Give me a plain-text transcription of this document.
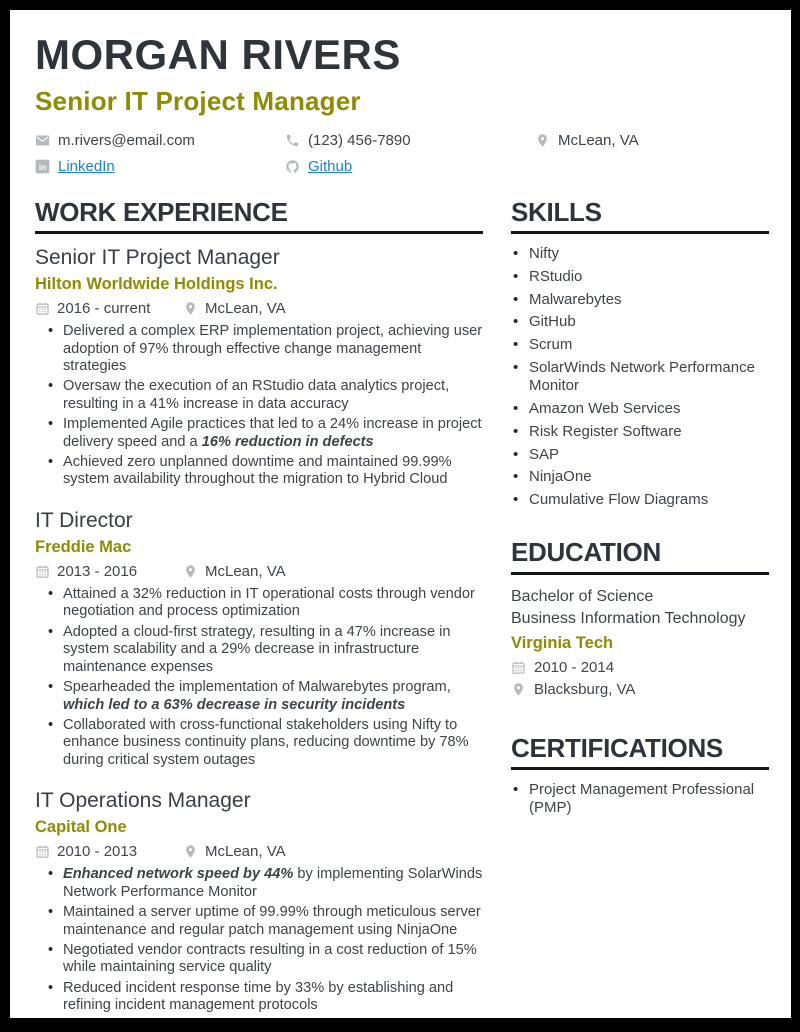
MORGAN RIVERS
Senior IT Project Manager
m.rivers@email.com	(123) 456-7890	McLean, VA
in LinkedIn	Github
WORK EXPERIENCE
Senior IT Project Manager
Hilton Worldwide Holdings Inc.
2016 - current	McLean, VA
• Delivered a complex ERP implementation project, achieving user adoption of 97% through effective change management strategies
• Oversaw the execution of an RStudio data analytics project, resulting in a 41% increase in data accuracy
• Implemented Agile practices that led to a 24% increase in project delivery speed and a 16% reduction in defects
• Achieved zero unplanned downtime and maintained 99.99% system availability throughout the migration to Hybrid Cloud
IT Director
Freddie Mac
2013 - 2016	McLean, VA
• Attained a 32% reduction in IT operational costs through vendor negotiation and process optimization
• Adopted a cloud-first strategy, resulting in a 47% increase in system scalability and a 29% decrease in infrastructure maintenance expenses
• Spearheaded the implementation of Malwarebytes program, which led to a 63% decrease in security incidents
• Collaborated with cross-functional stakeholders using Nifty to enhance business continuity plans, reducing downtime by 78% during critical system outages
IT Operations Manager
Capital One
2010 - 2013	McLean, VA
• Enhanced network speed by 44% by implementing SolarWinds Network Performance Monitor
• Maintained a server uptime of 99.99% through meticulous server maintenance and regular patch management using NinjaOne
• Negotiated vendor contracts resulting in a cost reduction of 15% while maintaining service quality
• Reduced incident response time by 33% by establishing and refining incident management protocols
SKILLS
• Nifty
• RStudio
• Malwarebytes
• GitHub
• Scrum
• SolarWinds Network Performance Monitor
• Amazon Web Services
• Risk Register Software
• SAP
• NinjaOne
• Cumulative Flow Diagrams
EDUCATION
Bachelor of Science
Business Information Technology
Virginia Tech
2010 - 2014
Blacksburg, VA
CERTIFICATIONS
• Project Management Professional (PMP)
